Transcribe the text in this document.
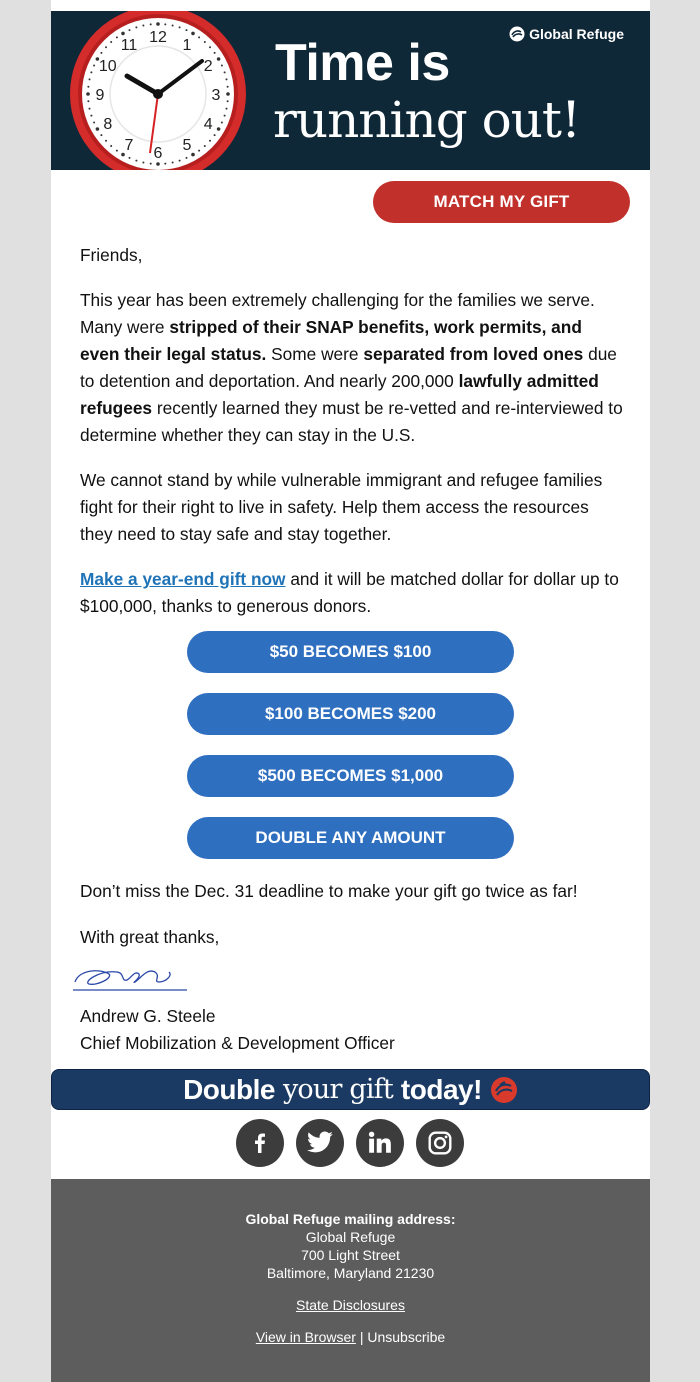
12 1
2
3
4
5
6
7
8
9
10
11
Global Refuge
Time is
running out!
MATCH MY GIFT

Friends,

This year has been extremely challenging for the families we serve. Many were stripped of their SNAP benefits, work permits, and even their legal status. Some were separated from loved ones due to detention and deportation. And nearly 200,000 lawfully admitted refugees recently learned they must be re-vetted and re-interviewed to determine whether they can stay in the U.S.

We cannot stand by while vulnerable immigrant and refugee families fight for their right to live in safety. Help them access the resources they need to stay safe and stay together.

Make a year-end gift now and it will be matched dollar for dollar up to $100,000, thanks to generous donors.

$50 BECOMES $100
$100 BECOMES $200
$500 BECOMES $1,000
DOUBLE ANY AMOUNT

Don’t miss the Dec. 31 deadline to make your gift go twice as far!

With great thanks,

Andrew G. Steele
Chief Mobilization & Development Officer
Double your gift today!
Global Refuge mailing address:
Global Refuge
700 Light Street
Baltimore, Maryland 21230
State Disclosures
View in Browser | Unsubscribe
